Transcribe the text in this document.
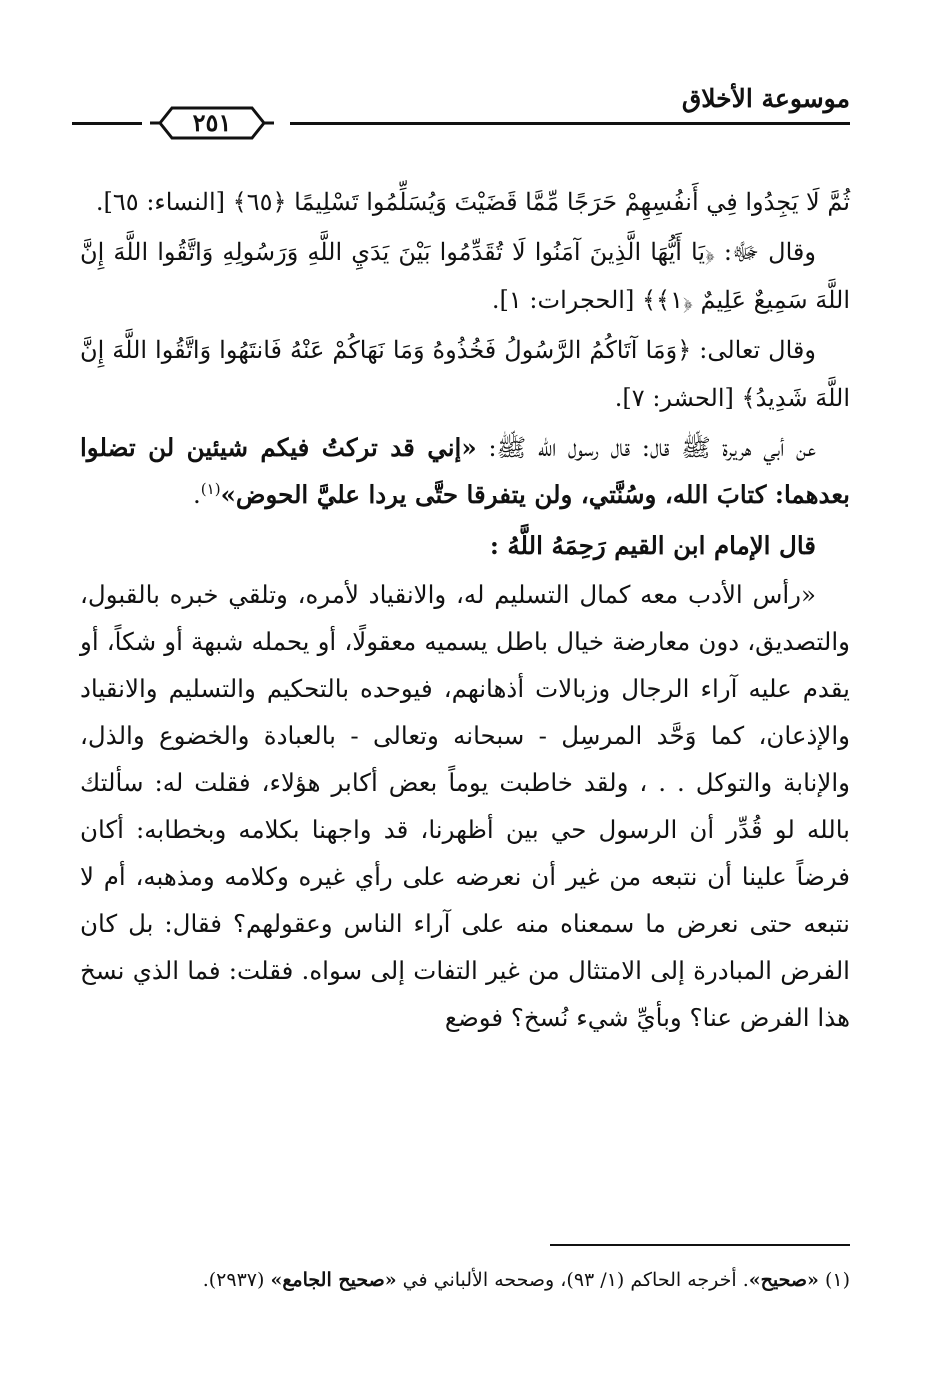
موسوعة الأخلاق
٢٥١

ثُمَّ لَا يَجِدُوا فِي أَنفُسِهِمْ حَرَجًا مِّمَّا قَضَيْتَ وَيُسَلِّمُوا تَسْلِيمًا ﴿٦٥﴾ [النساء: ٦٥].

وقال ﷻ: ﴿يَا أَيُّهَا الَّذِينَ آمَنُوا لَا تُقَدِّمُوا بَيْنَ يَدَيِ اللَّهِ وَرَسُولِهِ وَاتَّقُوا اللَّهَ إِنَّ اللَّهَ سَمِيعٌ عَلِيمٌ ﴿١﴾﴾ [الحجرات: ١].

وقال تعالى: ﴿وَمَا آتَاكُمُ الرَّسُولُ فَخُذُوهُ وَمَا نَهَاكُمْ عَنْهُ فَانتَهُوا وَاتَّقُوا اللَّهَ إِنَّ اللَّهَ شَدِيدُ﴾ [الحشر: ٧].

عن أبي هريرة ﷺ قال: قال رسول الله ﷺ: «إني قد تركتُ فيكم شيئين لن تضلوا بعدهما: كتابَ الله، وسُنَّتي، ولن يتفرقا حتَّى يردا عليَّ الحوض»$^{(١)}$.

قال الإمام ابن القيم رَحِمَهُ اللَّهُ :

«رأس الأدب معه كمال التسليم له، والانقياد لأمره، وتلقي خبره بالقبول، والتصديق، دون معارضة خيال باطل يسميه معقولًا، أو يحمله شبهة أو شكاً، أو يقدم عليه آراء الرجال وزبالات أذهانهم، فيوحده بالتحكيم والتسليم والانقياد والإذعان، كما وَحَّد المرسِل - سبحانه وتعالى - بالعبادة والخضوع والذل، والإنابة والتوكل . . ، ولقد خاطبت يوماً بعض أكابر هؤلاء، فقلت له: سألتك بالله لو قُدِّر أن الرسول حي بين أظهرنا، قد واجهنا بكلامه وبخطابه: أكان فرضاً علينا أن نتبعه من غير أن نعرضه على رأي غيره وكلامه ومذهبه، أم لا نتبعه حتى نعرض ما سمعناه منه على آراء الناس وعقولهم؟ فقال: بل كان الفرض المبادرة إلى الامتثال من غير التفات إلى سواه. فقلت: فما الذي نسخ هذا الفرض عنا؟ وبأيِّ شيء نُسخ؟ فوضع

(١) «صحيح». أخرجه الحاكم (١/ ٩٣)، وصححه الألباني في «صحيح الجامع» (٢٩٣٧).
